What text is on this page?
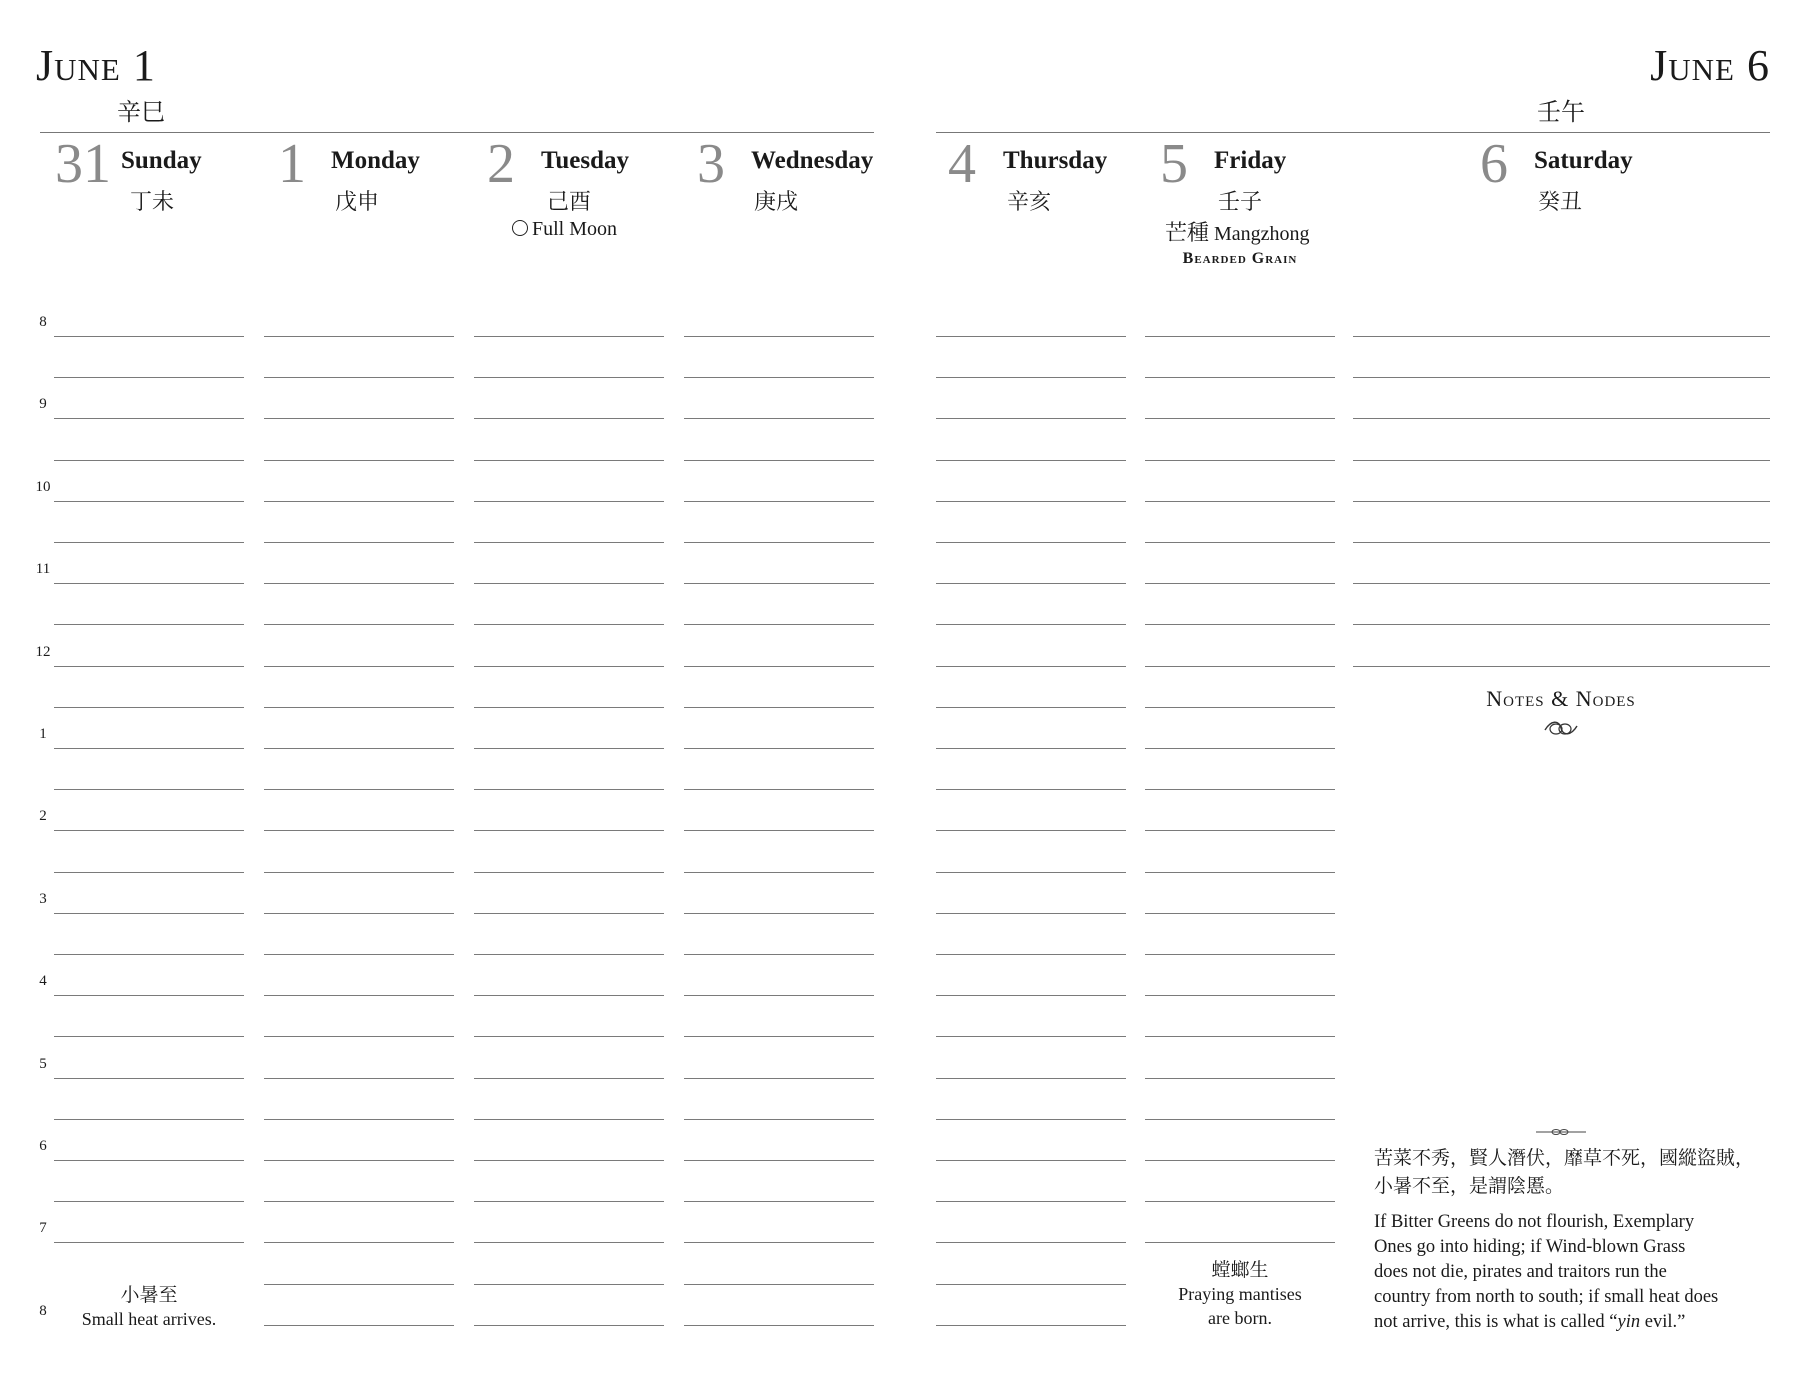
June 1
辛巳
June 6
壬午
31 Sunday
丁未
1 Monday
戊申
2 Tuesday
己酉
Full Moon
3 Wednesday
庚戌
4 Thursday
辛亥
5 Friday
壬子
芒種 Mangzhong
Bearded Grain
6 Saturday
癸丑
8
9
10
11
12
1
2
3
4
5
6
7
8
小暑至
Small heat arrives.
螳螂生
Praying mantises
are born.
Notes & Nodes
苦菜不秀，賢人潛伏，靡草不死，國縱盜賊，
小暑不至，是謂陰慝。
If Bitter Greens do not flourish, Exemplary
Ones go into hiding; if Wind-blown Grass
does not die, pirates and traitors run the
country from north to south; if small heat does
not arrive, this is what is called “yin evil.”
